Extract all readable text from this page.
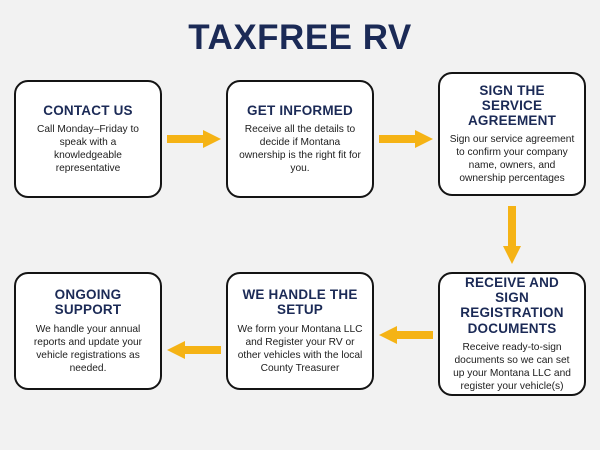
TAXFREE RV
CONTACT US
Call Monday–Friday to speak with a knowledgeable representative
GET INFORMED
Receive all the details to decide if Montana ownership is the right fit for you.
SIGN THE SERVICE AGREEMENT
Sign our service agreement to confirm your company name, owners, and ownership percentages
RECEIVE AND SIGN REGISTRATION DOCUMENTS
Receive ready-to-sign documents so we can set up your Montana LLC and register your vehicle(s)
WE HANDLE THE SETUP
We form your Montana LLC and Register your RV or other vehicles with the local County Treasurer
ONGOING SUPPORT
We handle your annual reports and update your vehicle registrations as needed.
